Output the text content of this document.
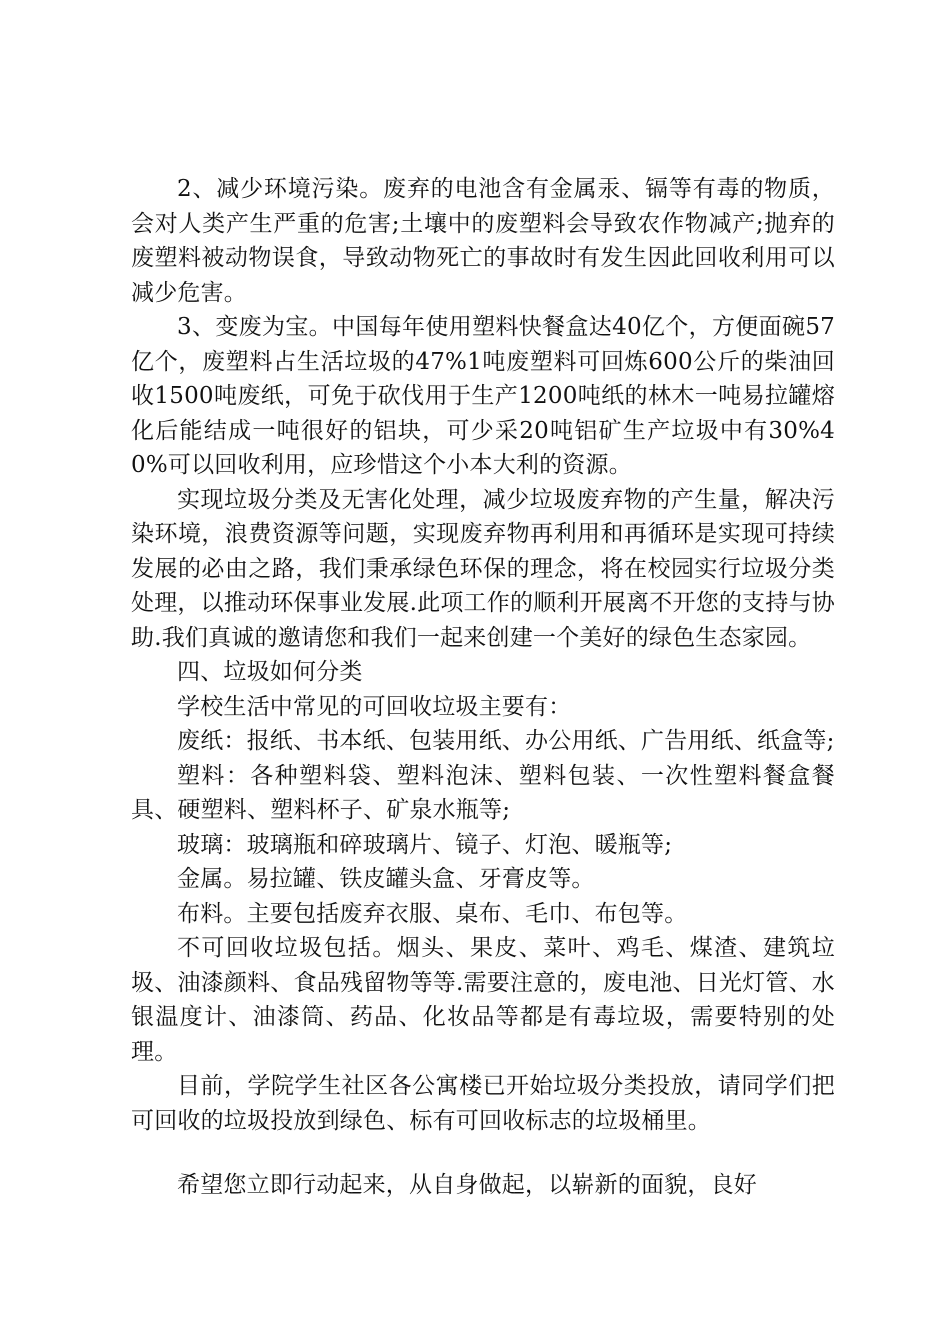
2、减少环境污染。废弃的电池含有金属汞、镉等有毒的物质，会对人类产生严重的危害;土壤中的废塑料会导致农作物减产;抛弃的废塑料被动物误食，导致动物死亡的事故时有发生因此回收利用可以减少危害。

3、变废为宝。中国每年使用塑料快餐盒达40亿个，方便面碗57亿个，废塑料占生活垃圾的47%1吨废塑料可回炼600公斤的柴油回收1500吨废纸，可免于砍伐用于生产1200吨纸的林木一吨易拉罐熔化后能结成一吨很好的铝块，可少采20吨铝矿生产垃圾中有30%40%可以回收利用，应珍惜这个小本大利的资源。

实现垃圾分类及无害化处理，减少垃圾废弃物的产生量，解决污染环境，浪费资源等问题，实现废弃物再利用和再循环是实现可持续发展的必由之路，我们秉承绿色环保的理念，将在校园实行垃圾分类处理，以推动环保事业发展.此项工作的顺利开展离不开您的支持与协助.我们真诚的邀请您和我们一起来创建一个美好的绿色生态家园。

四、垃圾如何分类

学校生活中常见的可回收垃圾主要有：

废纸：报纸、书本纸、包装用纸、办公用纸、广告用纸、纸盒等;

塑料：各种塑料袋、塑料泡沫、塑料包装、一次性塑料餐盒餐具、硬塑料、塑料杯子、矿泉水瓶等;

玻璃：玻璃瓶和碎玻璃片、镜子、灯泡、暖瓶等;

金属。易拉罐、铁皮罐头盒、牙膏皮等。

布料。主要包括废弃衣服、桌布、毛巾、布包等。

不可回收垃圾包括。烟头、果皮、菜叶、鸡毛、煤渣、建筑垃圾、油漆颜料、食品残留物等等.需要注意的，废电池、日光灯管、水银温度计、油漆筒、药品、化妆品等都是有毒垃圾，需要特别的处理。

目前，学院学生社区各公寓楼已开始垃圾分类投放，请同学们把可回收的垃圾投放到绿色、标有可回收标志的垃圾桶里。

希望您立即行动起来，从自身做起，以崭新的面貌，良好
